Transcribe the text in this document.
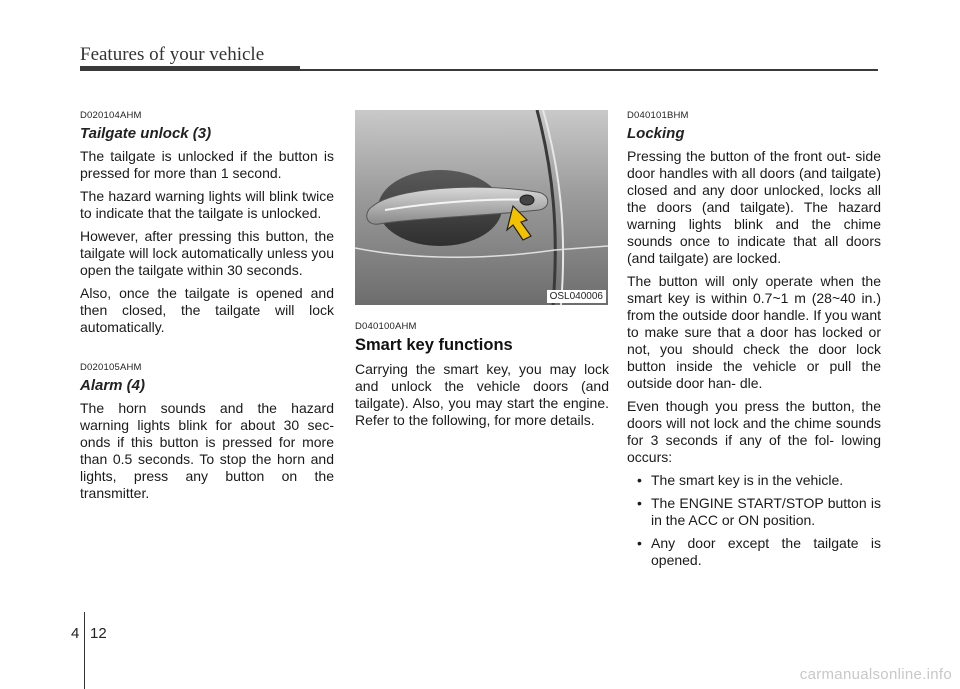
Features of your vehicle
D020104AHM
Tailgate unlock (3)

The tailgate is unlocked if the button is pressed for more than 1 second.

The hazard warning lights will blink twice to indicate that the tailgate is unlocked.

However, after pressing this button, the tailgate will lock automatically unless you open the tailgate within 30 seconds.

Also, once the tailgate is opened and then closed, the tailgate will lock automatically.

D020105AHM
Alarm (4)

The horn sounds and the hazard warning lights blink for about 30 sec- onds if this button is pressed for more than 0.5 seconds. To stop the horn and lights, press any button on the transmitter.

OSL040006
D040100AHM
Smart key functions

Carrying the smart key, you may lock and unlock the vehicle doors (and tailgate). Also, you may start the engine. Refer to the following, for more details.

D040101BHM
Locking

Pressing the button of the front out- side door handles with all doors (and tailgate) closed and any door unlocked, locks all the doors (and tailgate). The hazard warning lights blink and the chime sounds once to indicate that all doors (and tailgate) are locked.

The button will only operate when the smart key is within 0.7~1 m (28~40 in.) from the outside door handle. If you want to make sure that a door has locked or not, you should check the door lock button inside the vehicle or pull the outside door han- dle.

Even though you press the button, the doors will not lock and the chime sounds for 3 seconds if any of the fol- lowing occurs:

• The smart key is in the vehicle.
• The ENGINE START/STOP button is in the ACC or ON position.
• Any door except the tailgate is opened.
4 12
carmanualsonline.info
